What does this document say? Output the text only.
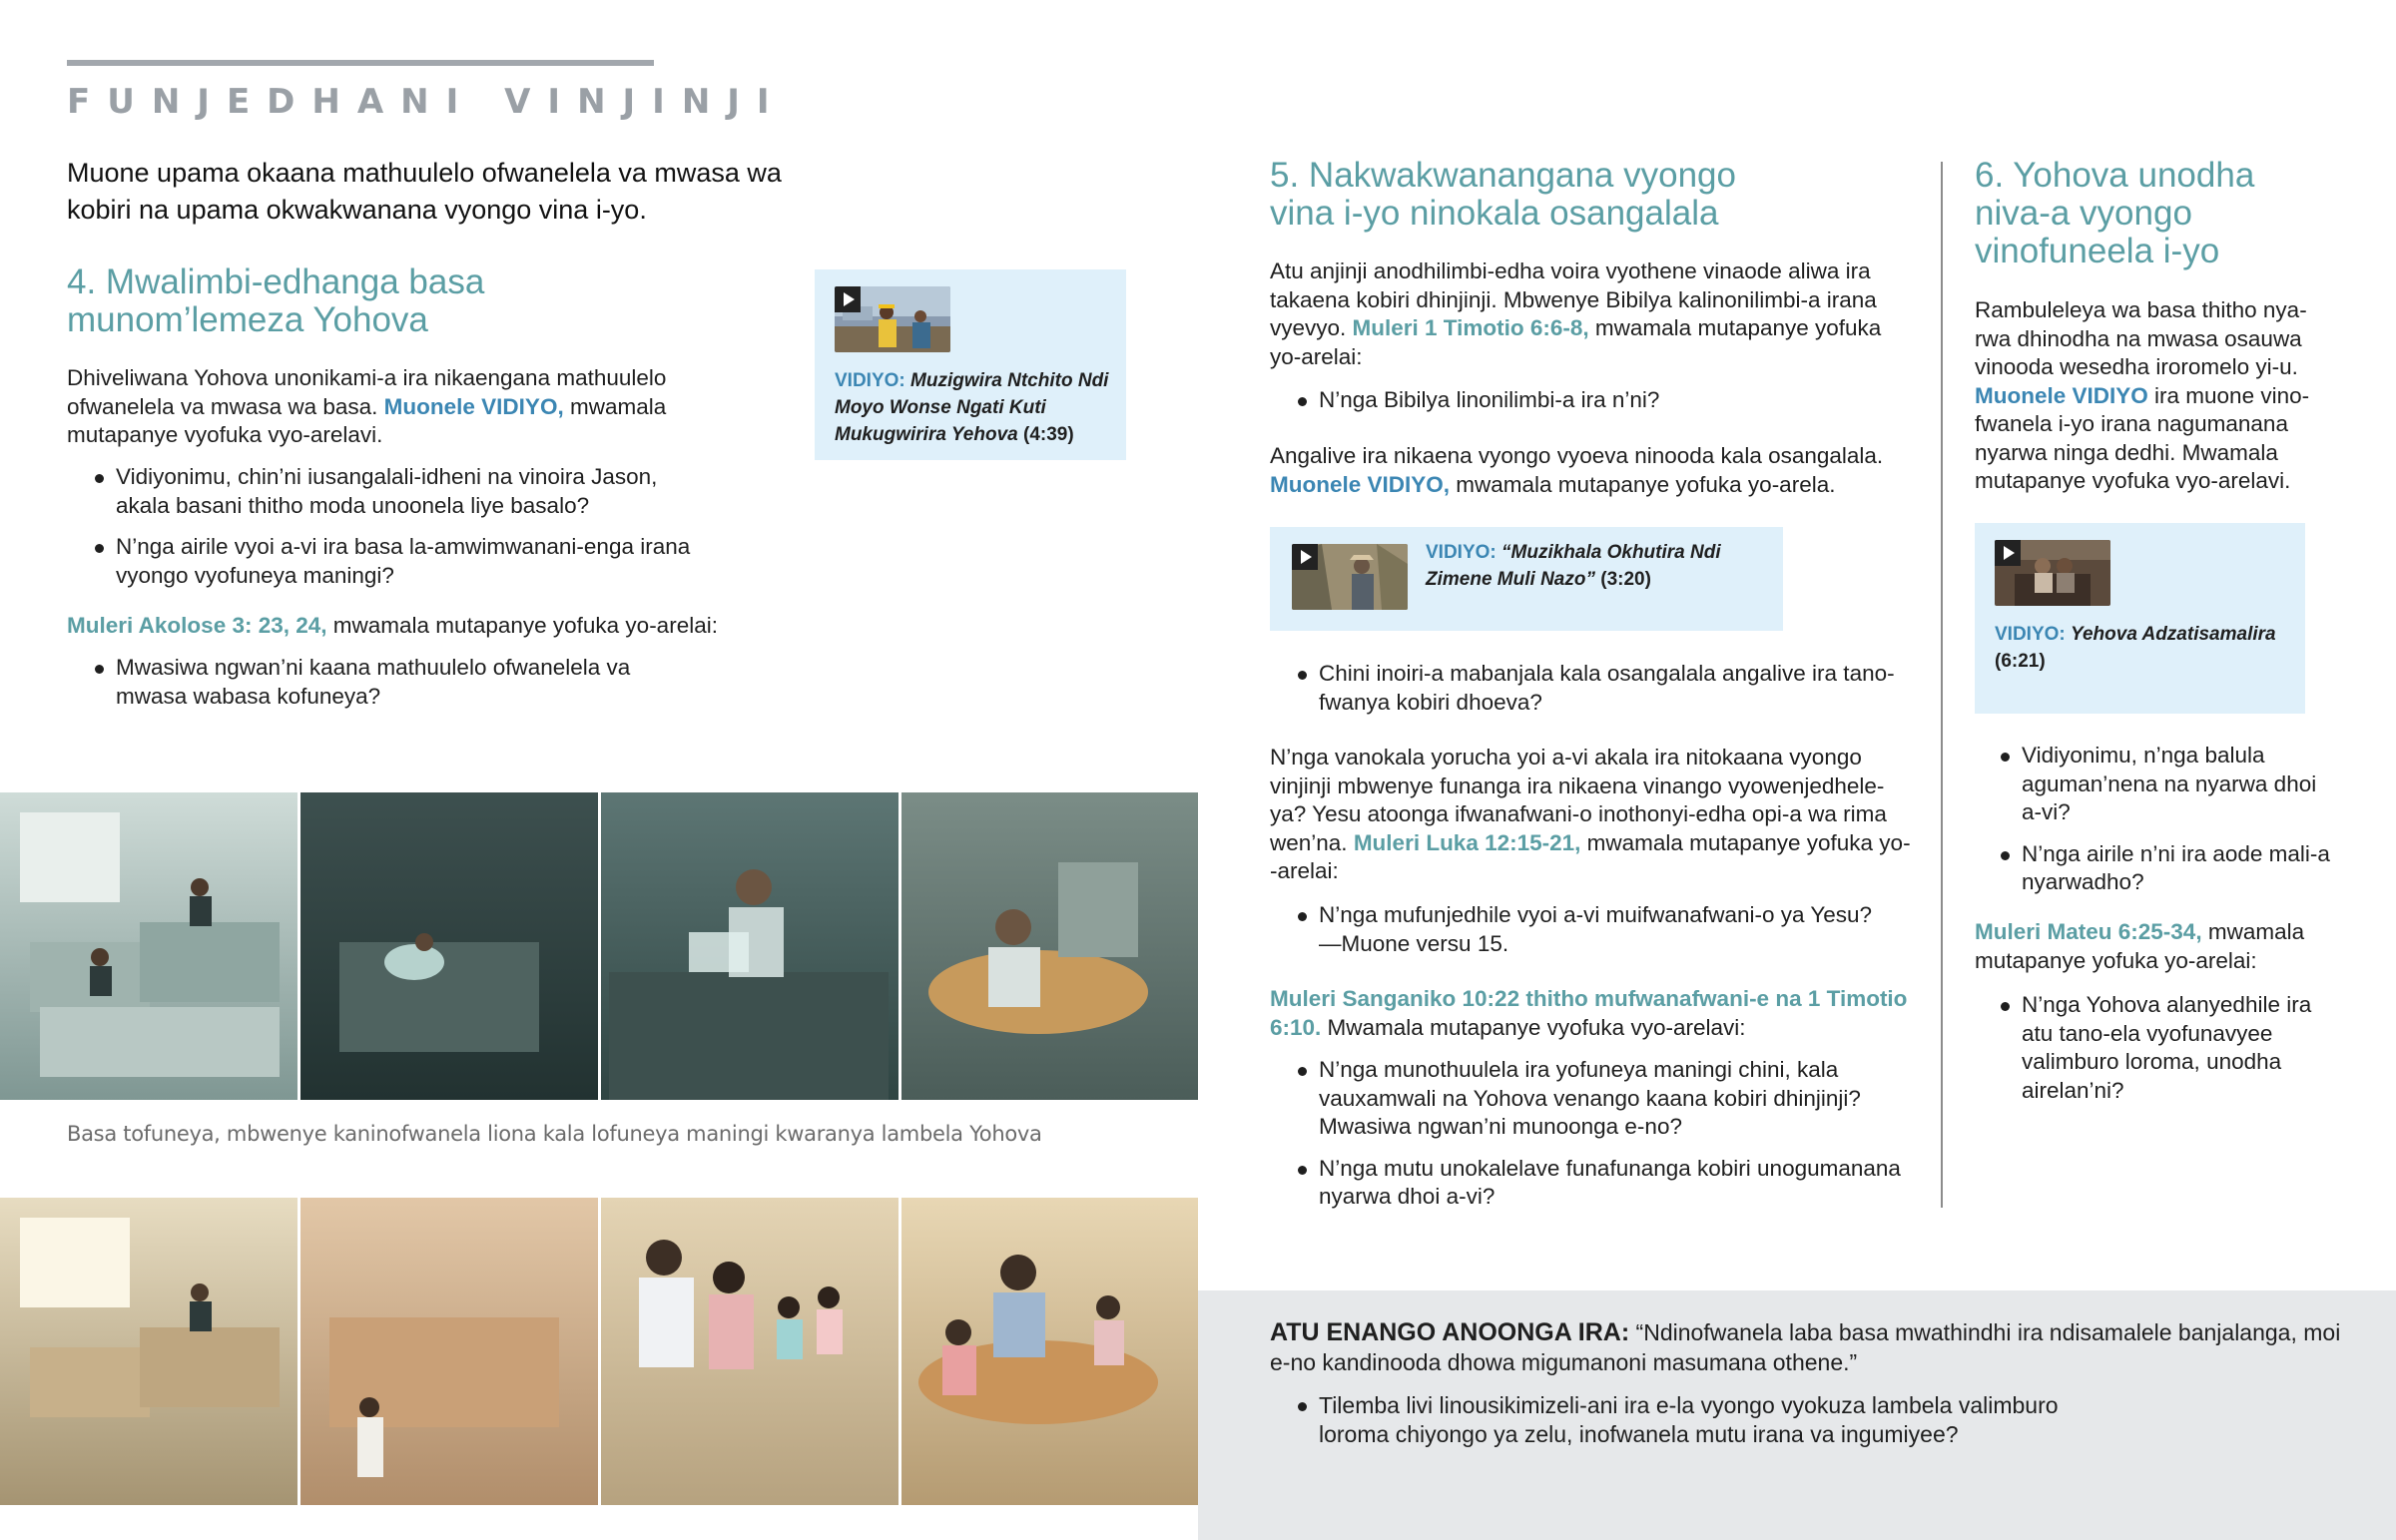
FUNJEDHANI VINJINJI
Muone upama okaana mathuulelo ofwanelela va mwasa wa kobiri na upama okwakwanana vyongo vina i-yo.
4. Mwalimbi-edhanga basa munom’lemeza Yohova

Dhiveliwana Yohova unonikami-a ira nikaengana mathuulelo ofwanelela va mwasa wa basa. Muonele VIDIYO, mwamala mutapanye vyofuka vyo-arelavi.

Vidiyonimu, chin’ni iusangalali-idheni na vinoira Jason, akala basani thitho moda unoonela liye basalo?
N’nga airile vyoi a-vi ira basa la-amwimwanani-enga irana vyongo vyofuneya maningi?

Muleri Akolose 3: 23, 24, mwamala mutapanye yofuka yo-arelai:

Mwasiwa ngwan’ni kaana mathuulelo ofwanelela va mwasa wabasa kofuneya?
VIDIYO: Muzigwira Ntchito Ndi Moyo Wonse Ngati Kuti Mukugwirira Yehova (4:39)
Basa tofuneya, mbwenye kaninofwanela liona kala lofuneya maningi kwaranya lambela Yohova
5. Nakwakwanangana vyongo vina i-yo ninokala osangalala

Atu anjinji anodhilimbi-edha voira vyothene vinaode aliwa ira takaena kobiri dhinjinji. Mbwenye Bibilya kalinonilimbi-a irana vyevyo. Muleri 1 Timotio 6:6-8, mwamala mutapanye yofuka yo-arelai:

N’nga Bibilya linonilimbi-a ira n’ni?

Angalive ira nikaena vyongo vyoeva ninooda kala osangalala. Muonele VIDIYO, mwamala mutapanye yofuka yo-arela.

VIDIYO: “Muzikhala Okhutira Ndi Zimene Muli Nazo” (3:20)
Chini inoiri-a mabanjala kala osangalala angalive ira tano-fwanya kobiri dhoeva?

N’nga vanokala yorucha yoi a-vi akala ira nitokaana vyongo vinjinji mbwenye funanga ira nikaena vinango vyowenjedhele-ya? Yesu atoonga ifwanafwani-o inothonyi-edha opi-a wa rima wen’na. Muleri Luka 12:15-21, mwamala mutapanye yofuka yo--arelai:

N’nga mufunjedhile vyoi a-vi muifwanafwani-o ya Yesu? —Muone versu 15.

Muleri Sanganiko 10:22 thitho mufwanafwani-e na 1 Timotio 6:10. Mwamala mutapanye vyofuka vyo-arelavi:

N’nga munothuulela ira yofuneya maningi chini, kala vauxamwali na Yohova venango kaana kobiri dhinjinji? Mwasiwa ngwan’ni munoonga e-no?
N’nga mutu unokalelave funafunanga kobiri unogumanana nyarwa dhoi a-vi?
6. Yohova unodha niva-a vyongo vinofuneela i-yo

Rambuleleya wa basa thitho nya-rwa dhinodha na mwasa osauwa vinooda wesedha iroromelo yi-u. Muonele VIDIYO ira muone vino-fwanela i-yo irana nagumanana nyarwa ninga dedhi. Mwamala mutapanye vyofuka vyo-arelavi.

VIDIYO: Yehova Adzatisamalira (6:21)
Vidiyonimu, n’nga balula aguman’nena na nyarwa dhoi a-vi?
N’nga airile n’ni ira aode mali-a nyarwadho?

Muleri Mateu 6:25-34, mwamala mutapanye yofuka yo-arelai:

N’nga Yohova alanyedhile ira atu tano-ela vyofunavyee valimburo loroma, unodha airelan’ni?

ATU ENANGO ANOONGA IRA: “Ndinofwanela laba basa mwathindhi ira ndisamalele banjalanga, moi e-no kandinooda dhowa migumanoni masumana othene.”

Tilemba livi linousikimizeli-ani ira e-la vyongo vyokuza lambela valimburo loroma chiyongo ya zelu, inofwanela mutu irana va ingumiyee?
